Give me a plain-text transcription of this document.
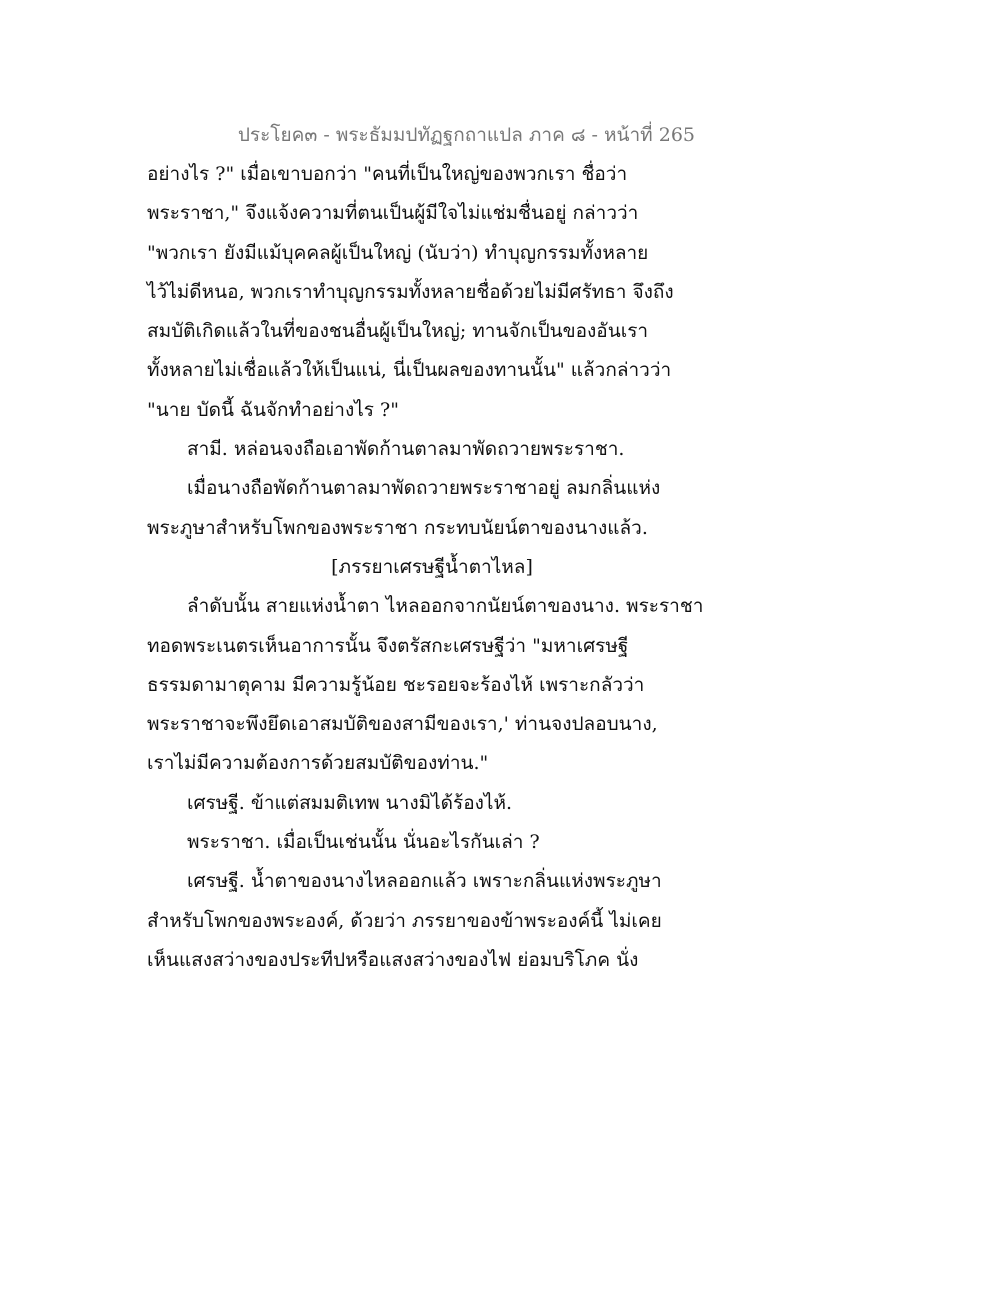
ประโยค๓ - พระธัมมปทัฏฐกถาแปล ภาค ๘ - หน้าที่ 265
อย่างไร ?" เมื่อเขาบอกว่า "คนที่เป็นใหญ่ของพวกเรา ชื่อว่า
พระราชา," จึงแจ้งความที่ตนเป็นผู้มีใจไม่แช่มชื่นอยู่ กล่าวว่า
"พวกเรา ยังมีแม้บุคคลผู้เป็นใหญ่ (นับว่า) ทำบุญกรรมทั้งหลาย
ไว้ไม่ดีหนอ, พวกเราทำบุญกรรมทั้งหลายชื่อด้วยไม่มีศรัทธา จึงถึง
สมบัติเกิดแล้วในที่ของชนอื่นผู้เป็นใหญ่; ทานจักเป็นของอันเรา
ทั้งหลายไม่เชื่อแล้วให้เป็นแน่, นี่เป็นผลของทานนั้น" แล้วกล่าวว่า
"นาย บัดนี้ ฉันจักทำอย่างไร ?"
สามี. หล่อนจงถือเอาพัดก้านตาลมาพัดถวายพระราชา.
เมื่อนางถือพัดก้านตาลมาพัดถวายพระราชาอยู่ ลมกลิ่นแห่ง
พระภูษาสำหรับโพกของพระราชา กระทบนัยน์ตาของนางแล้ว.
[ภรรยาเศรษฐีน้ำตาไหล]
ลำดับนั้น สายแห่งน้ำตา ไหลออกจากนัยน์ตาของนาง. พระราชา
ทอดพระเนตรเห็นอาการนั้น จึงตรัสกะเศรษฐีว่า "มหาเศรษฐี
ธรรมดามาตุคาม มีความรู้น้อย ชะรอยจะร้องไห้ เพราะกลัวว่า
พระราชาจะพึงยึดเอาสมบัติของสามีของเรา,' ท่านจงปลอบนาง,
เราไม่มีความต้องการด้วยสมบัติของท่าน."
เศรษฐี. ข้าแต่สมมติเทพ นางมิได้ร้องไห้.
พระราชา. เมื่อเป็นเช่นนั้น นั่นอะไรกันเล่า ?
เศรษฐี. น้ำตาของนางไหลออกแล้ว เพราะกลิ่นแห่งพระภูษา
สำหรับโพกของพระองค์, ด้วยว่า ภรรยาของข้าพระองค์นี้ ไม่เคย
เห็นแสงสว่างของประทีปหรือแสงสว่างของไฟ ย่อมบริโภค นั่ง
